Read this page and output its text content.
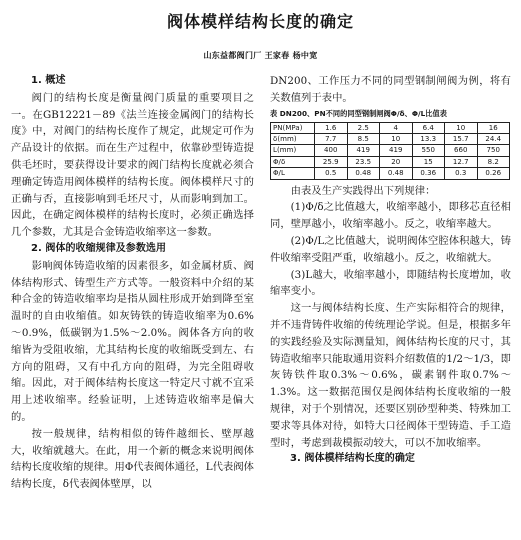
阀体模样结构长度的确定
山东益都阀门厂 王家春 杨中宽

1. 概述

阀门的结构长度是衡量阀门质量的重要项目之一。在GB12221－89《法兰连接金属阀门的结构长度》中，对阀门的结构长度作了规定，此规定可作为产品设计的依据。而在生产过程中，依靠砂型铸造提供毛坯时，要获得设计要求的阀门结构长度就必须合理确定铸造用阀体模样的结构长度。阀体模样尺寸的正确与否，直接影响到毛坯尺寸，从而影响到加工。因此，在确定阀体模样的结构长度时，必须正确选择几个参数，尤其是合金铸造收缩率这一参数。

2. 阀体的收缩规律及参数选用

影响阀体铸造收缩的因素很多，如金属材质、阀体结构形式、铸型生产方式等。一般资料中介绍的某种合金的铸造收缩率均是指从圆柱形成开始到降至室温时的自由收缩值。如灰铸铁的铸造收缩率为0.6%～0.9%，低碳钢为1.5%～2.0%。阀体各方向的收缩皆为受阻收缩，尤其结构长度的收缩既受到左、右方向的阻碍，又有中孔方向的阻碍，为完全阻碍收缩。因此，对于阀体结构长度这一特定尺寸就不宜采用上述收缩率。经验证明，上述铸造收缩率是偏大的。

按一般规律，结构相似的铸件越细长、壁厚越大，收缩就越大。在此，用一个新的概念来说明阀体结构长度收缩的规律。用Φ代表阀体通径，L代表阀体结构长度，δ代表阀体壁厚，以

DN200、工作压力不同的同型钢制闸阀为例，将有关数值列于表中。

表 DN200、PN不同的同型钢制闸阀Φ/δ、Φ/L比值表
PN(MPa)	1.6	2.5	4	6.4	10	16
δ(mm)	7.7	8.5	10	13.3	15.7	24.4
L(mm)	400	419	419	550	660	750
Φ/δ	25.9	23.5	20	15	12.7	8.2
Φ/L	0.5	0.48	0.48	0.36	0.3	0.26

由表及生产实践得出下列规律：

(1)Φ/δ之比值越大，收缩率越小，即移芯直径相同，壁厚越小，收缩率越小。反之，收缩率越大。

(2)Φ/L之比值越大，说明阀体空腔体积越大，铸件收缩率受阻严重，收缩越小。反之，收缩就大。

(3)L越大，收缩率越小，即随结构长度增加，收缩率变小。

这一与阀体结构长度、生产实际相符合的规律，并不违背铸件收缩的传统理论学说。但是，根据多年的实践经验及实际测量知，阀体结构长度的尺寸，其铸造收缩率只能取通用资料介绍数值的1/2～1/3，即灰铸铁件取0.3%～0.6%，碳素钢件取0.7%～1.3%。这一数据范围仅是阀体结构长度收缩的一般规律，对于个别情况，还要区别砂型种类、特殊加工要求等具体对待，如特大口径阀体干型铸造、手工造型时，考虑到裁模振动较大，可以不加收缩率。

3. 阀体模样结构长度的确定
